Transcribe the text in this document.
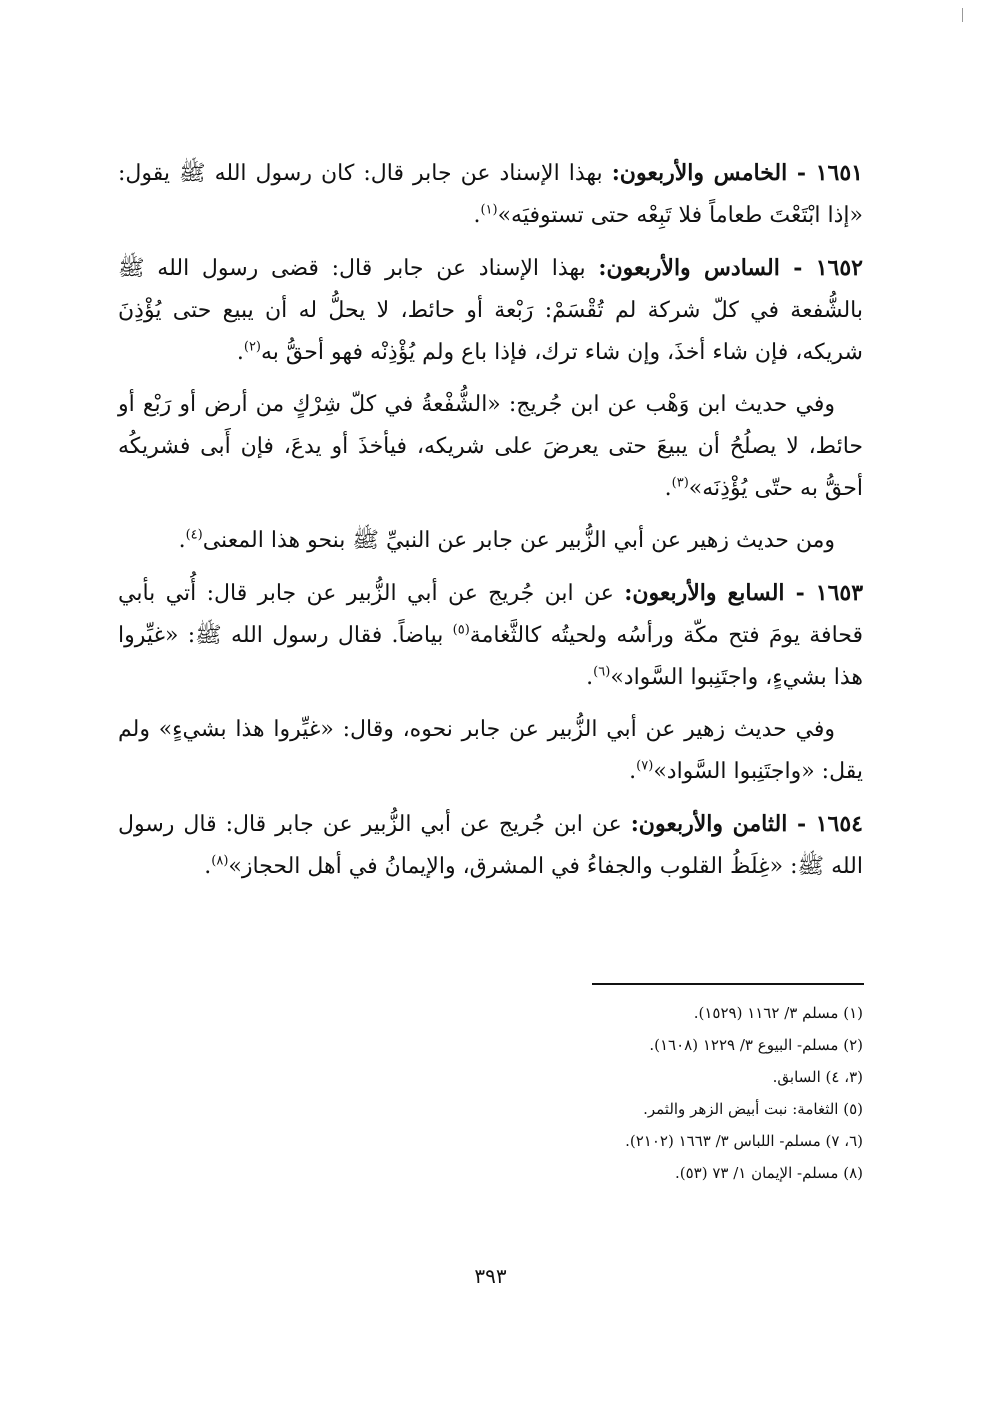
١٦٥١ - الخامس والأربعون: بهذا الإسناد عن جابر قال: كان رسول الله ﷺ يقول: «إذا ابْتَعْتَ طعاماً فلا تَبِعْه حتى تستوفيَه»$^{(١)}$.

١٦٥٢ - السادس والأربعون: بهذا الإسناد عن جابر قال: قضى رسول الله ﷺ بالشُّفعة في كلّ شركة لم تُقْسَمْ: رَبْعة أو حائط، لا يحلُّ له أن يبيع حتى يُؤْذِنَ شريكه، فإن شاء أخذَ، وإن شاء ترك، فإذا باع ولم يُؤْذِنْه فهو أحقُّ به$^{(٢)}$.

وفي حديث ابن وَهْب عن ابن جُريج: «الشُّفْعةُ في كلّ شِرْكٍ من أرض أو رَبْع أو حائط، لا يصلُحُ أن يبيعَ حتى يعرضَ على شريكه، فيأخذَ أو يدعَ، فإن أَبى فشريكُه أحقُّ به حتّى يُؤْذِنَه»$^{(٣)}$.

ومن حديث زهير عن أبي الزُّبير عن جابر عن النبيِّ ﷺ بنحو هذا المعنى$^{(٤)}$.

١٦٥٣ - السابع والأربعون: عن ابن جُريج عن أبي الزُّبير عن جابر قال: أُتي بأبي قحافة يومَ فتح مكّة ورأسُه ولحيتُه كالثَّغامة$^{(٥)}$ بياضاً. فقال رسول الله ﷺ: «غيِّروا هذا بشيءٍ، واجتَنِبوا السَّواد»$^{(٦)}$.

وفي حديث زهير عن أبي الزُّبير عن جابر نحوه، وقال: «غيِّروا هذا بشيءٍ» ولم يقل: «واجتَنِبوا السَّواد»$^{(٧)}$.

١٦٥٤ - الثامن والأربعون: عن ابن جُريج عن أبي الزُّبير عن جابر قال: قال رسول الله ﷺ: «غِلَظُ القلوب والجفاءُ في المشرق، والإيمانُ في أهل الحجاز»$^{(٨)}$.

(١) مسلم ٣/ ١١٦٢ (١٥٢٩).
(٢) مسلم- البيوع ٣/ ١٢٢٩ (١٦٠٨).
(٣، ٤) السابق.
(٥) الثغامة: نبت أبيض الزهر والثمر.
(٦، ٧) مسلم- اللباس ٣/ ١٦٦٣ (٢١٠٢).
(٨) مسلم- الإيمان ١/ ٧٣ (٥٣).
٣٩٣
